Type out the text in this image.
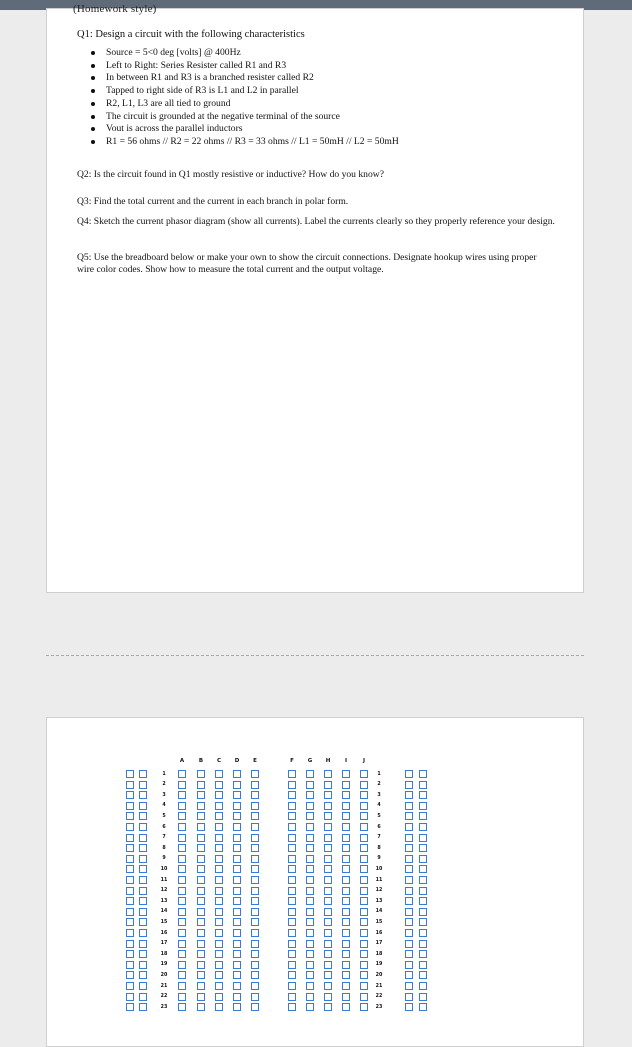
(Homework style)
Q1: Design a circuit with the following characteristics
Source = 5<0 deg [volts] @ 400Hz
Left to Right: Series Resister called R1 and R3
In between R1 and R3 is a branched resister called R2
Tapped to right side of R3 is L1 and L2 in parallel
R2, L1, L3 are all tied to ground
The circuit is grounded at the negative terminal of the source
Vout is across the parallel inductors
R1 = 56 ohms // R2 = 22 ohms // R3 = 33 ohms // L1 = 50mH // L2 = 50mH
Q2: Is the circuit found in Q1 mostly resistive or inductive? How do you know?
Q3: Find the total current and the current in each branch in polar form.
Q4: Sketch the current phasor diagram (show all currents). Label the currents clearly so they properly reference your design.
Q5: Use the breadboard below or make your own to show the circuit connections. Designate hookup wires using proper wire color codes. Show how to measure the total current and the output voltage.
A	B	C	D	E	F	G	H	I	J
1	1
2	2
3	3
4	4
5	5
6	6
7	7
8	8
9	9
10	10
11	11
12	12
13	13
14	14
15	15
16	16
17	17
18	18
19	19
20	20
21	21
22	22
23	23
